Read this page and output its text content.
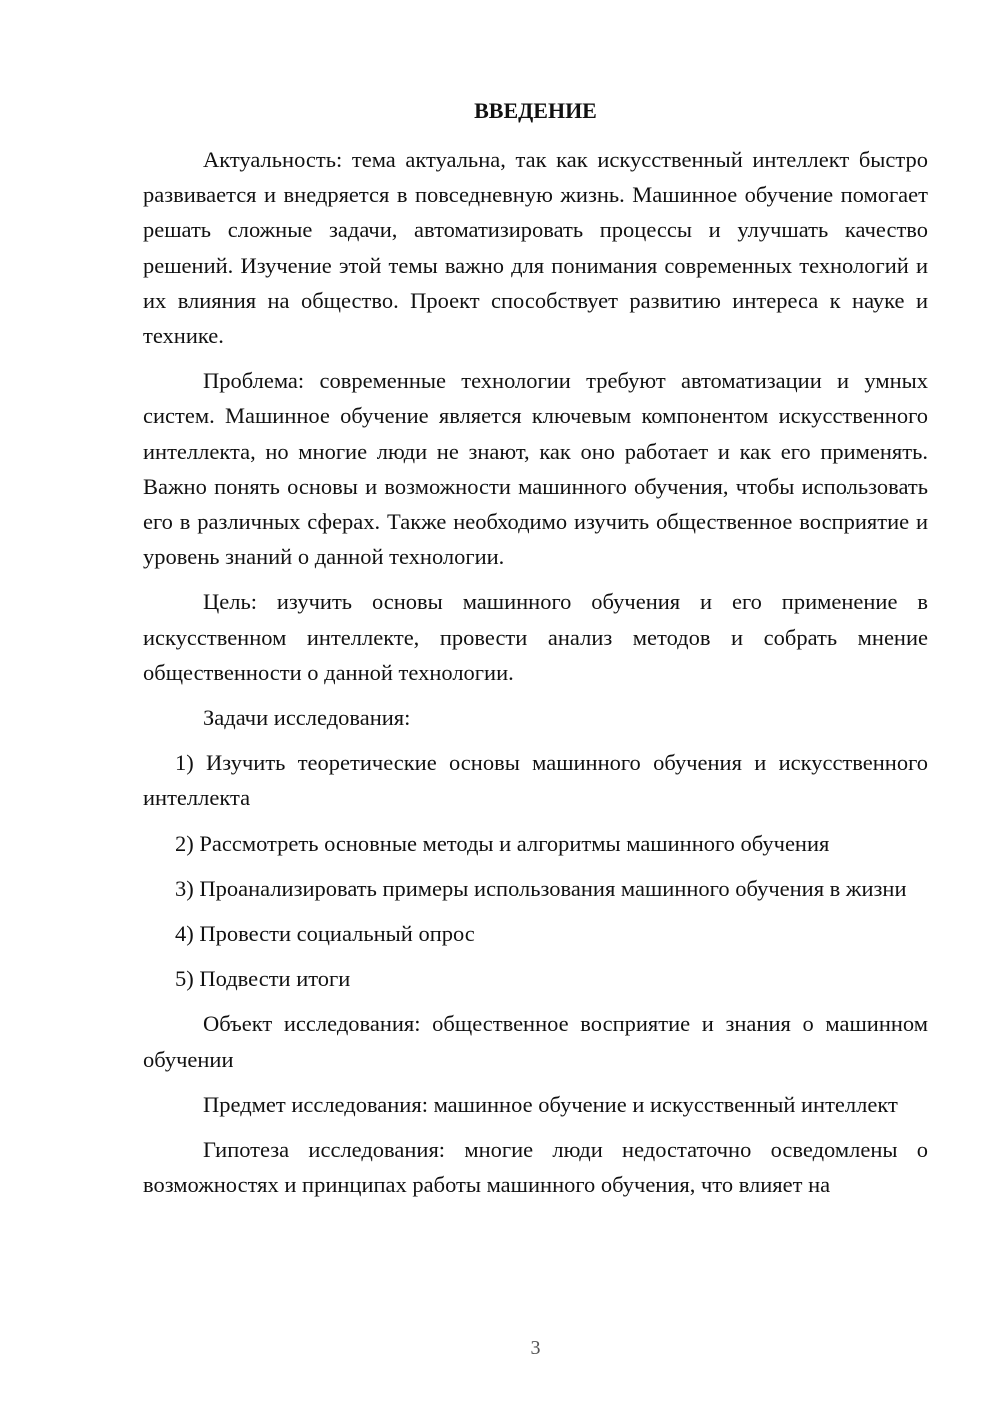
ВВЕДЕНИЕ

Актуальность: тема актуальна, так как искусственный интеллект быстро развивается и внедряется в повседневную жизнь. Машинное обучение помогает решать сложные задачи, автоматизировать процессы и улучшать качество решений. Изучение этой темы важно для понимания современных технологий и их влияния на общество. Проект способствует развитию интереса к науке и технике.

Проблема: современные технологии требуют автоматизации и умных систем. Машинное обучение является ключевым компонентом искусственного интеллекта, но многие люди не знают, как оно работает и как его применять. Важно понять основы и возможности машинного обучения, чтобы использовать его в различных сферах. Также необходимо изучить общественное восприятие и уровень знаний о данной технологии.

Цель: изучить основы машинного обучения и его применение в искусственном интеллекте, провести анализ методов и собрать мнение общественности о данной технологии.

Задачи исследования:

1) Изучить теоретические основы машинного обучения и искусственного интеллекта

2) Рассмотреть основные методы и алгоритмы машинного обучения

3) Проанализировать примеры использования машинного обучения в жизни

4) Провести социальный опрос

5) Подвести итоги

Объект исследования: общественное восприятие и знания о машинном обучении

Предмет исследования: машинное обучение и искусственный интеллект

Гипотеза исследования: многие люди недостаточно осведомлены о возможностях и принципах работы машинного обучения, что влияет на

3
